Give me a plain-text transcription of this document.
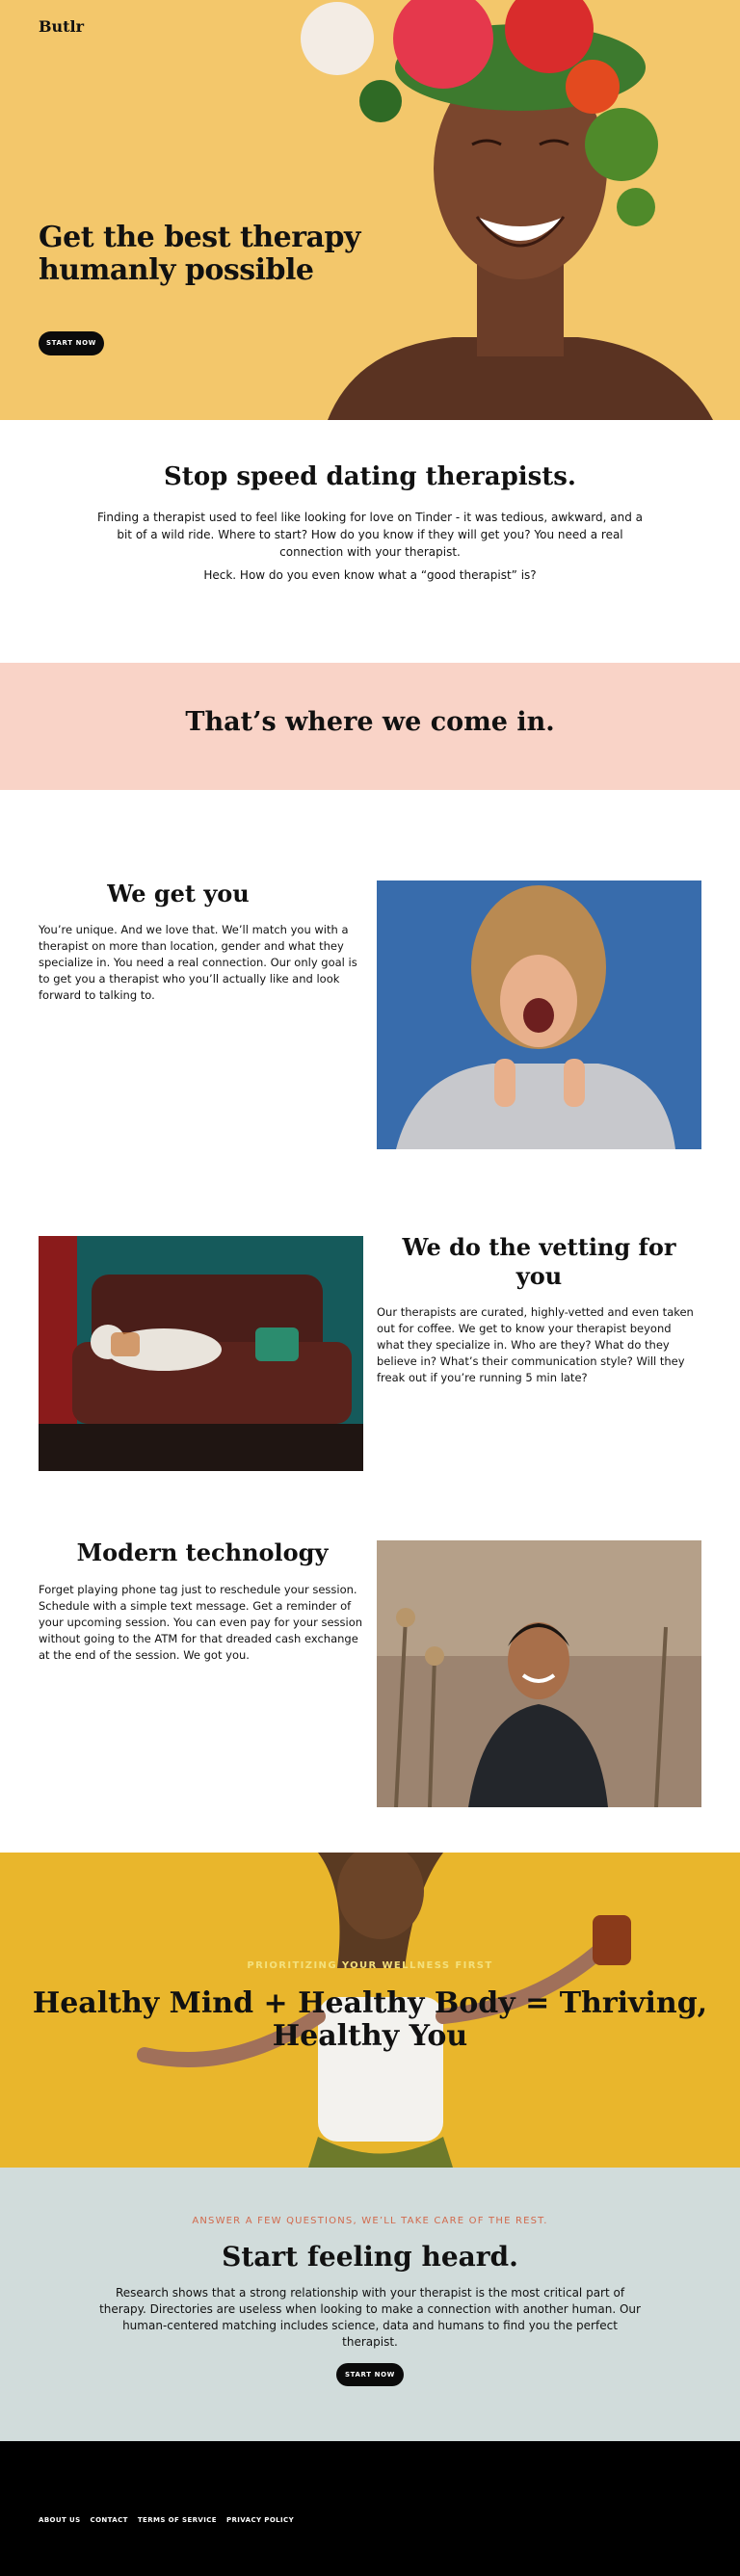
Butlr
Get the best therapy humanly possible
START NOW
Stop speed dating therapists.

Finding a therapist used to feel like looking for love on Tinder - it was tedious, awkward, and a bit of a wild ride. Where to start? How do you know if they will get you? You need a real connection with your therapist.

Heck. How do you even know what a “good therapist” is?

That’s where we come in.
We get you

You’re unique. And we love that. We’ll match you with a therapist on more than location, gender and what they specialize in. You need a real connection. Our only goal is to get you a therapist who you’ll actually like and look forward to talking to.

We do the vetting for you

Our therapists are curated, highly-vetted and even taken out for coffee. We get to know your therapist beyond what they specialize in. Who are they? What do they believe in? What’s their communication style? Will they freak out if you’re running 5 min late?

Modern technology

Forget playing phone tag just to reschedule your session. Schedule with a simple text message. Get a reminder of your upcoming session. You can even pay for your session without going to the ATM for that dreaded cash exchange at the end of the session. We got you.

PRIORITIZING YOUR WELLNESS FIRST
Healthy Mind + Healthy Body = Thriving, Healthy You
ANSWER A FEW QUESTIONS, WE’LL TAKE CARE OF THE REST.
Start feeling heard.

Research shows that a strong relationship with your therapist is the most critical part of therapy. Directories are useless when looking to make a connection with another human. Our human-centered matching includes science, data and humans to find you the perfect therapist.

START NOW
ABOUT US CONTACT TERMS OF SERVICE PRIVACY POLICY
